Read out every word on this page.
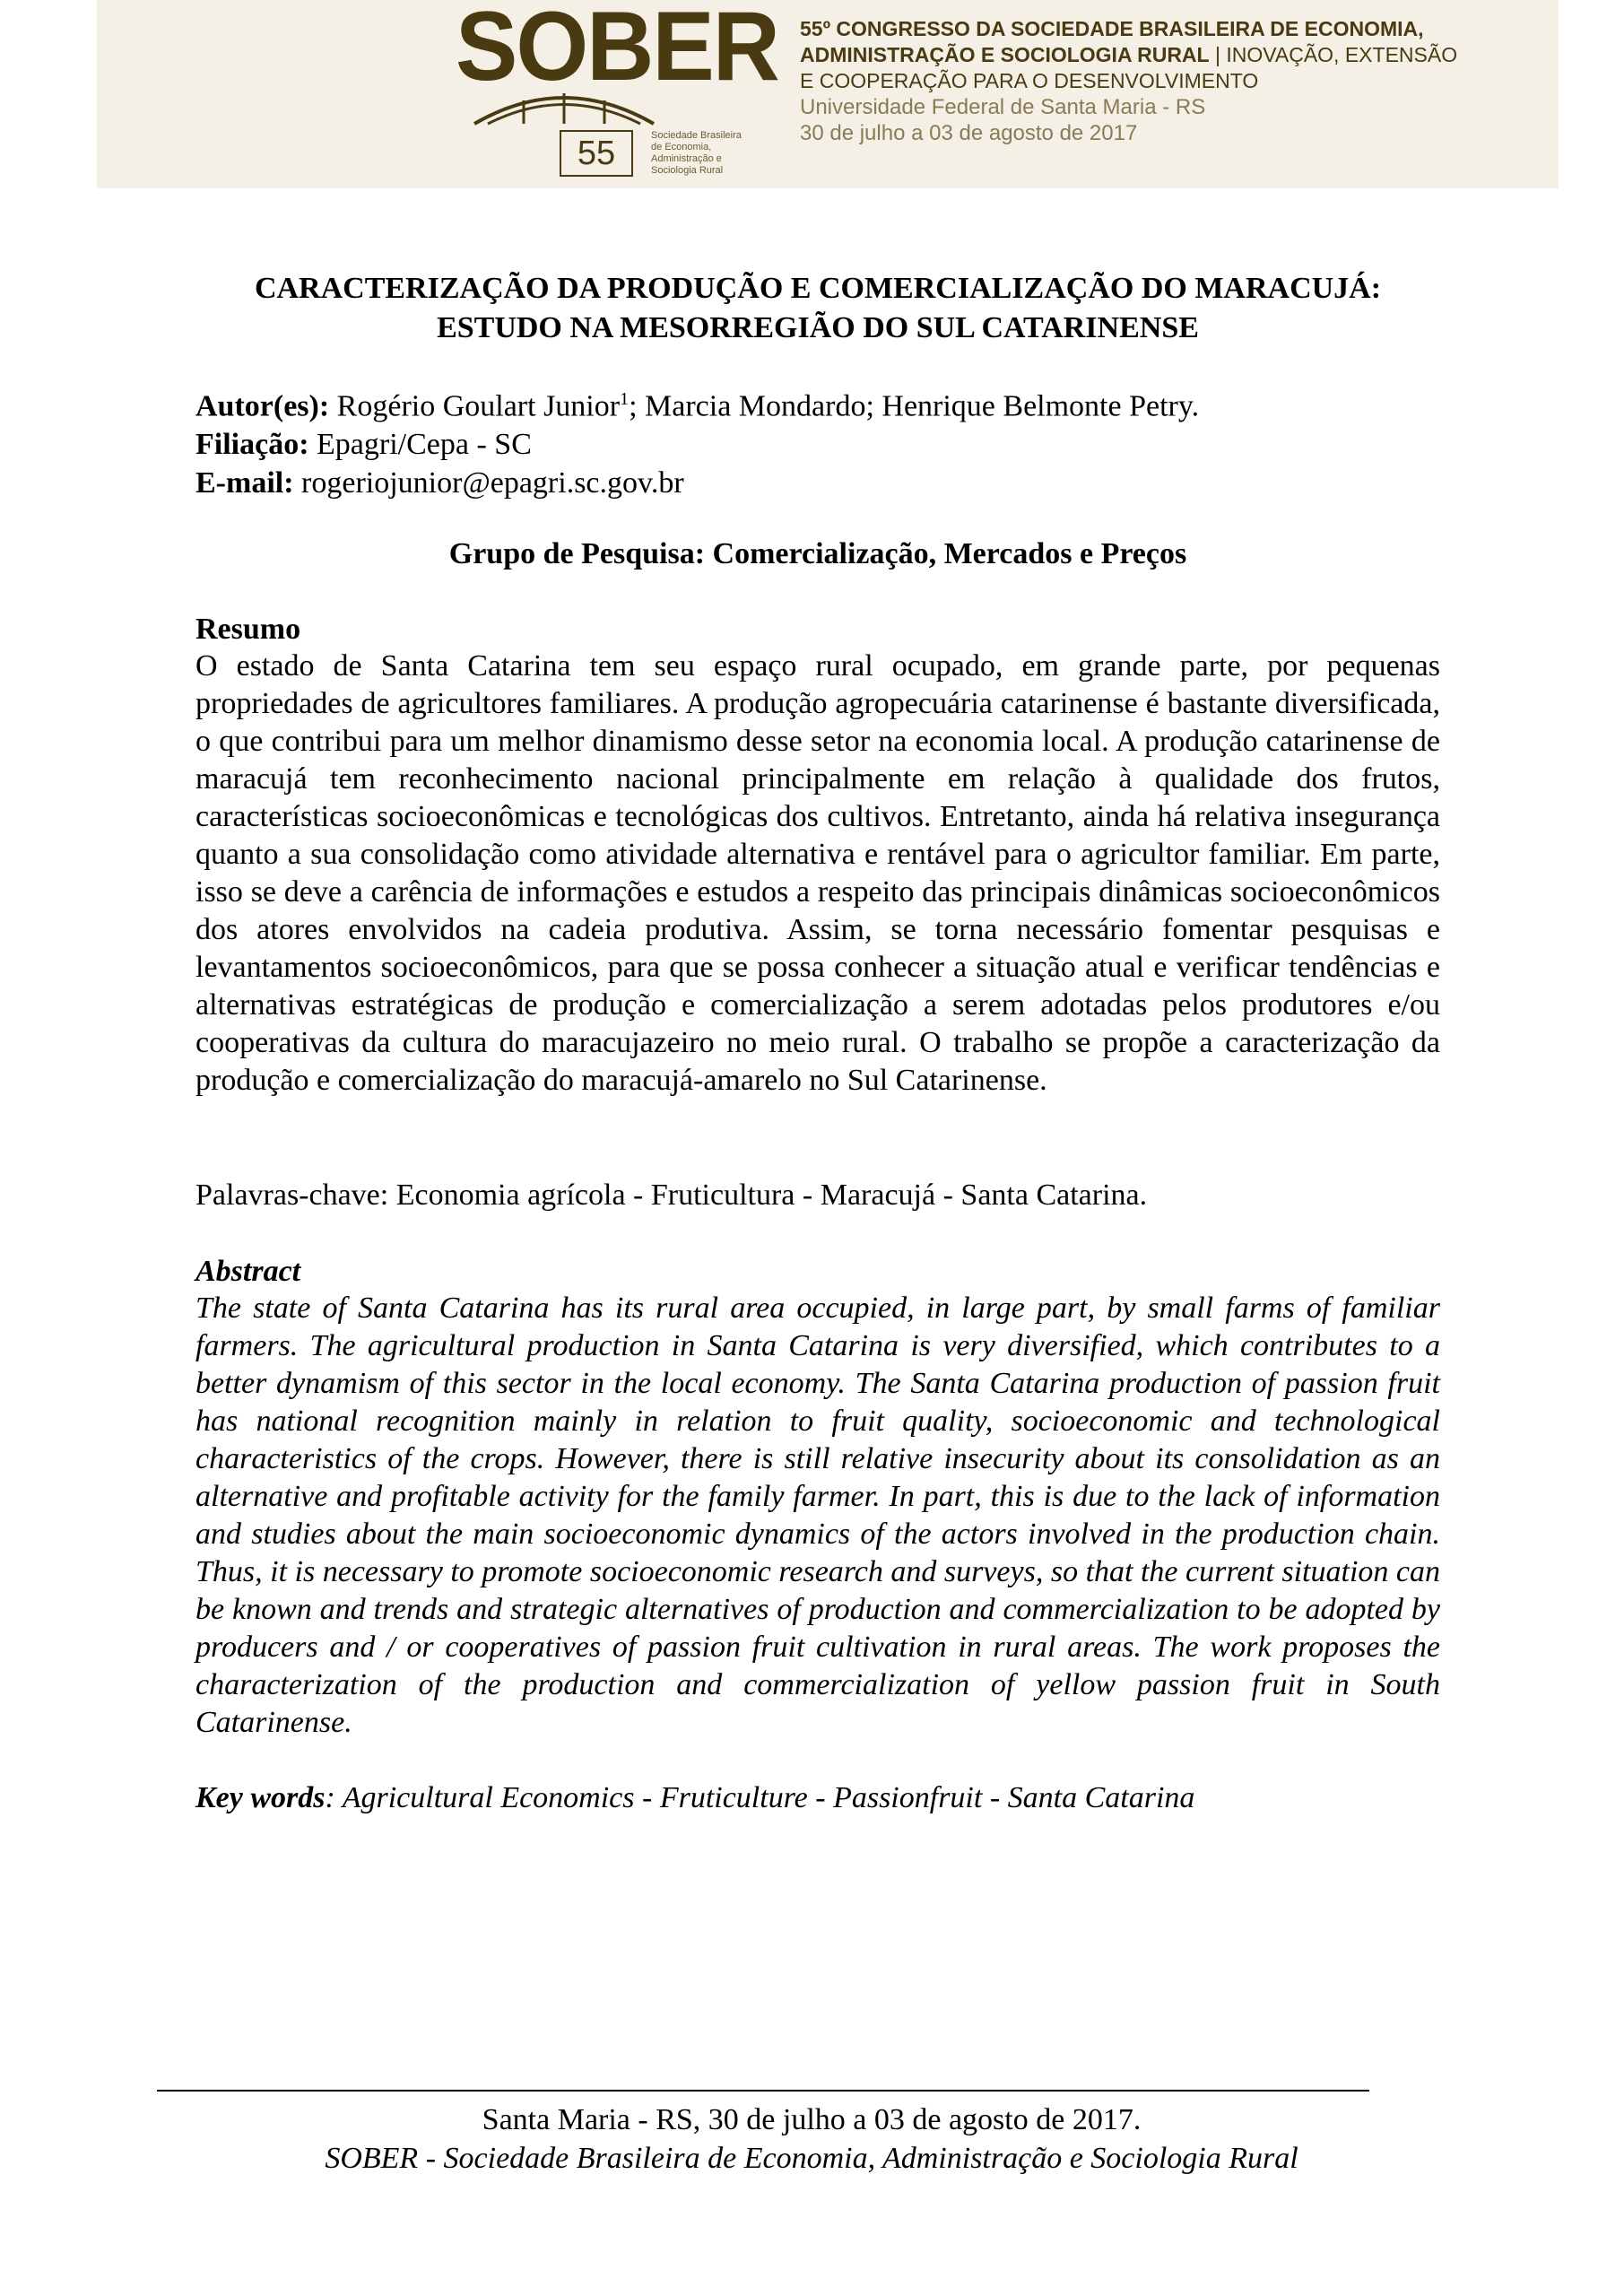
SOBER
55	Sociedade Brasileira
de Economia,
Administração e
Sociologia Rural
55º CONGRESSO DA SOCIEDADE BRASILEIRA DE ECONOMIA,
ADMINISTRAÇÃO E SOCIOLOGIA RURAL | INOVAÇÃO, EXTENSÃO
E COOPERAÇÃO PARA O DESENVOLVIMENTO
Universidade Federal de Santa Maria - RS
30 de julho a 03 de agosto de 2017
CARACTERIZAÇÃO DA PRODUÇÃO E COMERCIALIZAÇÃO DO MARACUJÁ:
ESTUDO NA MESORREGIÃO DO SUL CATARINENSE
Autor(es): Rogério Goulart Junior$^1$; Marcia Mondardo; Henrique Belmonte Petry.
Filiação: Epagri/Cepa - SC
E-mail: rogeriojunior@epagri.sc.gov.br
Grupo de Pesquisa: Comercialização, Mercados e Preços
Resumo
O estado de Santa Catarina tem seu espaço rural ocupado, em grande parte, por pequenas propriedades de agricultores familiares. A produção agropecuária catarinense é bastante diversificada, o que contribui para um melhor dinamismo desse setor na economia local. A produção catarinense de maracujá tem reconhecimento nacional principalmente em relação à qualidade dos frutos, características socioeconômicas e tecnológicas dos cultivos. Entretanto, ainda há relativa insegurança quanto a sua consolidação como atividade alternativa e rentável para o agricultor familiar. Em parte, isso se deve a carência de informações e estudos a respeito das principais dinâmicas socioeconômicos dos atores envolvidos na cadeia produtiva. Assim, se torna necessário fomentar pesquisas e levantamentos socioeconômicos, para que se possa conhecer a situação atual e verificar tendências e alternativas estratégicas de produção e comercialização a serem adotadas pelos produtores e/ou cooperativas da cultura do maracujazeiro no meio rural. O trabalho se propõe a caracterização da produção e comercialização do maracujá-amarelo no Sul Catarinense.
Palavras-chave: Economia agrícola - Fruticultura - Maracujá - Santa Catarina.
Abstract
The state of Santa Catarina has its rural area occupied, in large part, by small farms of familiar farmers. The agricultural production in Santa Catarina is very diversified, which contributes to a better dynamism of this sector in the local economy. The Santa Catarina production of passion fruit has national recognition mainly in relation to fruit quality, socioeconomic and technological characteristics of the crops. However, there is still relative insecurity about its consolidation as an alternative and profitable activity for the family farmer. In part, this is due to the lack of information and studies about the main socioeconomic dynamics of the actors involved in the production chain. Thus, it is necessary to promote socioeconomic research and surveys, so that the current situation can be known and trends and strategic alternatives of production and commercialization to be adopted by producers and / or cooperatives of passion fruit cultivation in rural areas. The work proposes the characterization of the production and commercialization of yellow passion fruit in South Catarinense.
Key words: Agricultural Economics - Fruticulture - Passionfruit - Santa Catarina
Santa Maria - RS, 30 de julho a 03 de agosto de 2017.
SOBER - Sociedade Brasileira de Economia, Administração e Sociologia Rural
